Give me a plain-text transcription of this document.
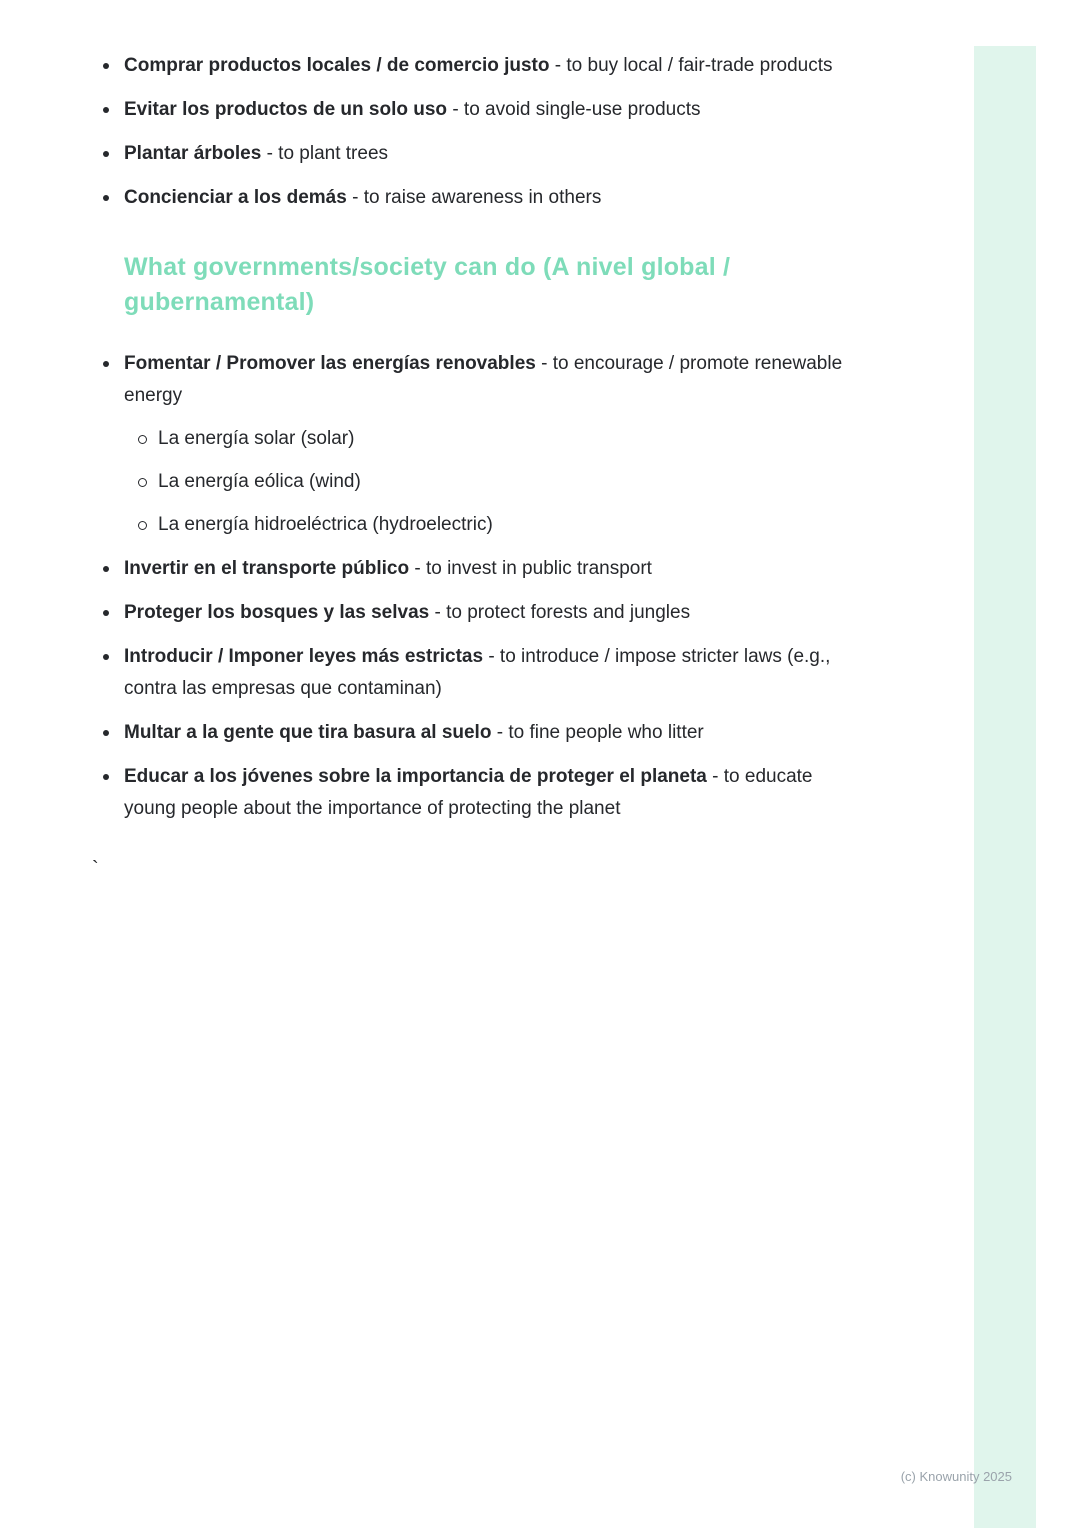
Comprar productos locales / de comercio justo - to buy local / fair-trade products
Evitar los productos de un solo uso - to avoid single-use products
Plantar árboles - to plant trees
Concienciar a los demás - to raise awareness in others
What governments/society can do (A nivel global / gubernamental)
Fomentar / Promover las energías renovables - to encourage / promote renewable energy
La energía solar (solar)
La energía eólica (wind)
La energía hidroeléctrica (hydroelectric)
Invertir en el transporte público - to invest in public transport
Proteger los bosques y las selvas - to protect forests and jungles
Introducir / Imponer leyes más estrictas - to introduce / impose stricter laws (e.g., contra las empresas que contaminan)
Multar a la gente que tira basura al suelo - to fine people who litter
Educar a los jóvenes sobre la importancia de proteger el planeta - to educate young people about the importance of protecting the planet
`
(c) Knowunity 2025
